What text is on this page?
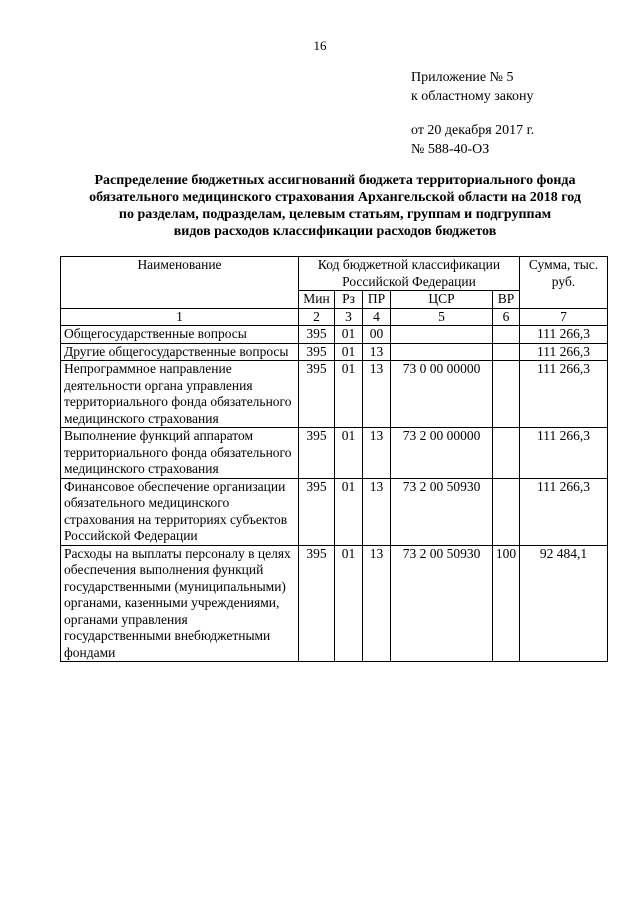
16
Приложение № 5
к областному закону
от 20 декабря 2017 г.
№ 588-40-ОЗ
Распределение бюджетных ассигнований бюджета территориального фонда
обязательного медицинского страхования Архангельской области на 2018 год
по разделам, подразделам, целевым статьям, группам и подгруппам
видов расходов классификации расходов бюджетов
Наименование	Код бюджетной классификации Российской Федерации					Сумма, тыс. руб.
	Мин	Рз	ПР	ЦСР	ВР	
1	2	3	4	5	6	7
Общегосударственные вопросы	395	01	00			111 266,3
Другие общегосударственные вопросы	395	01	13			111 266,3
Непрограммное направление деятельности органа управления территориального фонда обязательного медицинского страхования	395	01	13	73 0 00 00000		111 266,3
Выполнение функций аппаратом территориального фонда обязательного медицинского страхования	395	01	13	73 2 00 00000		111 266,3
Финансовое обеспечение организации обязательного медицинского страхования на территориях субъектов Российской Федерации	395	01	13	73 2 00 50930		111 266,3
Расходы на выплаты персоналу в целях обеспечения выполнения функций государственными (муниципальными) органами, казенными учреждениями, органами управления государственными внебюджетными фондами	395	01	13	73 2 00 50930	100	92 484,1
